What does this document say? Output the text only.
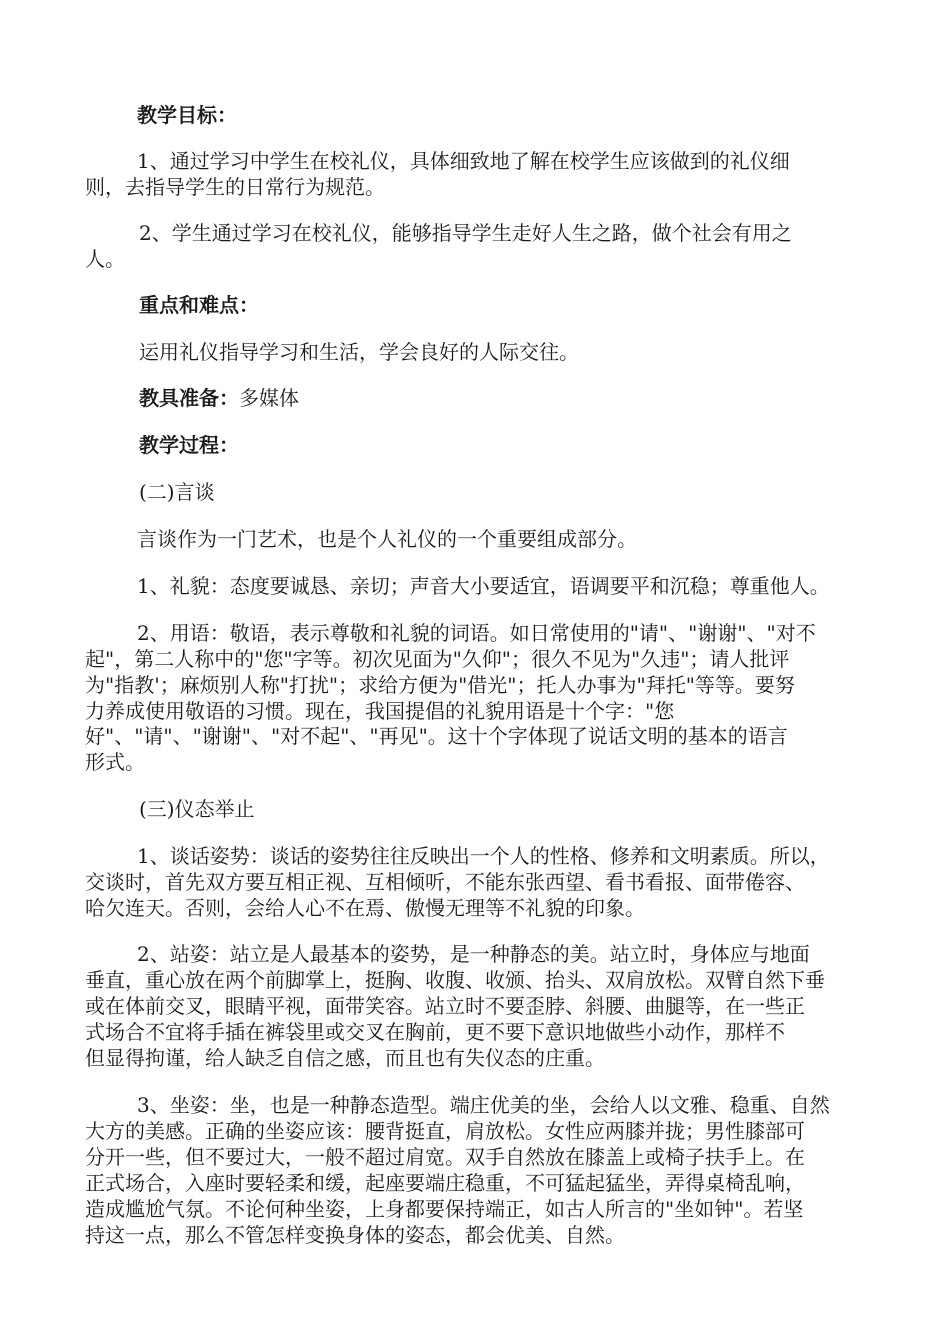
教学目标：

1、通过学习中学生在校礼仪，具体细致地了解在校学生应该做到的礼仪细

则，去指导学生的日常行为规范。

2、学生通过学习在校礼仪，能够指导学生走好人生之路，做个社会有用之

人。

重点和难点：

运用礼仪指导学习和生活，学会良好的人际交往。

教具准备：多媒体

教学过程：

(二)言谈

言谈作为一门艺术，也是个人礼仪的一个重要组成部分。

1、礼貌：态度要诚恳、亲切；声音大小要适宜，语调要平和沉稳；尊重他人。

2、用语：敬语，表示尊敬和礼貌的词语。如日常使用的"请"、"谢谢"、"对不

起"，第二人称中的"您"字等。初次见面为"久仰"；很久不见为"久违"；请人批评

为"指教'；麻烦别人称"打扰"；求给方便为"借光"；托人办事为"拜托"等等。要努

力养成使用敬语的习惯。现在，我国提倡的礼貌用语是十个字："您

好"、"请"、"谢谢"、"对不起"、"再见"。这十个字体现了说话文明的基本的语言

形式。

(三)仪态举止

1、谈话姿势：谈话的姿势往往反映出一个人的性格、修养和文明素质。所以，

交谈时，首先双方要互相正视、互相倾听，不能东张西望、看书看报、面带倦容、

哈欠连天。否则，会给人心不在焉、傲慢无理等不礼貌的印象。

2、站姿：站立是人最基本的姿势，是一种静态的美。站立时，身体应与地面

垂直，重心放在两个前脚掌上，挺胸、收腹、收颁、抬头、双肩放松。双臂自然下垂

或在体前交叉，眼睛平视，面带笑容。站立时不要歪脖、斜腰、曲腿等，在一些正

式场合不宜将手插在裤袋里或交叉在胸前，更不要下意识地做些小动作，那样不

但显得拘谨，给人缺乏自信之感，而且也有失仪态的庄重。

3、坐姿：坐，也是一种静态造型。端庄优美的坐，会给人以文雅、稳重、自然

大方的美感。正确的坐姿应该：腰背挺直，肩放松。女性应两膝并拢；男性膝部可

分开一些，但不要过大，一般不超过肩宽。双手自然放在膝盖上或椅子扶手上。在

正式场合，入座时要轻柔和缓，起座要端庄稳重，不可猛起猛坐，弄得桌椅乱响，

造成尴尬气氛。不论何种坐姿，上身都要保持端正，如古人所言的"坐如钟"。若坚

持这一点，那么不管怎样变换身体的姿态，都会优美、自然。
